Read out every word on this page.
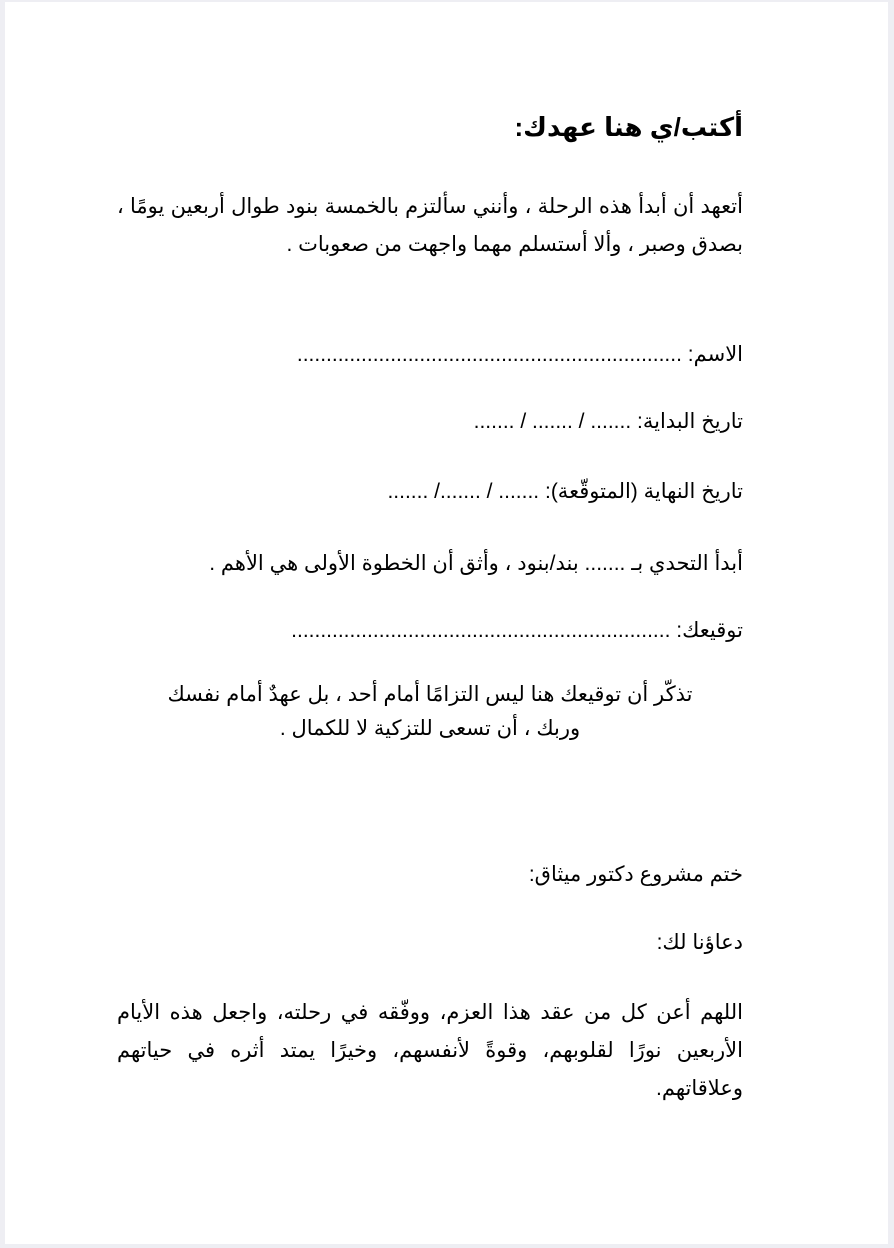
أكتب/ي هنا عهدك:
أتعهد أن أبدأ هذه الرحلة ، وأنني سألتزم بالخمسة بنود طوال أربعين يومًا ، بصدق وصبر ، وألا أستسلم مهما واجهت من صعوبات .
الاسم: ..................................................................
تاريخ البداية: ....... / ....... / .......
تاريخ النهاية (المتوقّعة): ....... / ......./ .......
أبدأ التحدي بـ ....... بند/بنود ، وأثق أن الخطوة الأولى هي الأهم .
توقيعك: .................................................................
تذكّر أن توقيعك هنا ليس التزامًا أمام أحد ، بل عهدٌ أمام نفسك
وربك ، أن تسعى للتزكية لا للكمال .
ختم مشروع دكتور ميثاق:
دعاؤنا لك:
اللهم أعن كل من عقد هذا العزم، ووفّقه في رحلته، واجعل هذه الأيام الأربعين نورًا لقلوبهم، وقوةً لأنفسهم، وخيرًا يمتد أثره في حياتهم وعلاقاتهم.
